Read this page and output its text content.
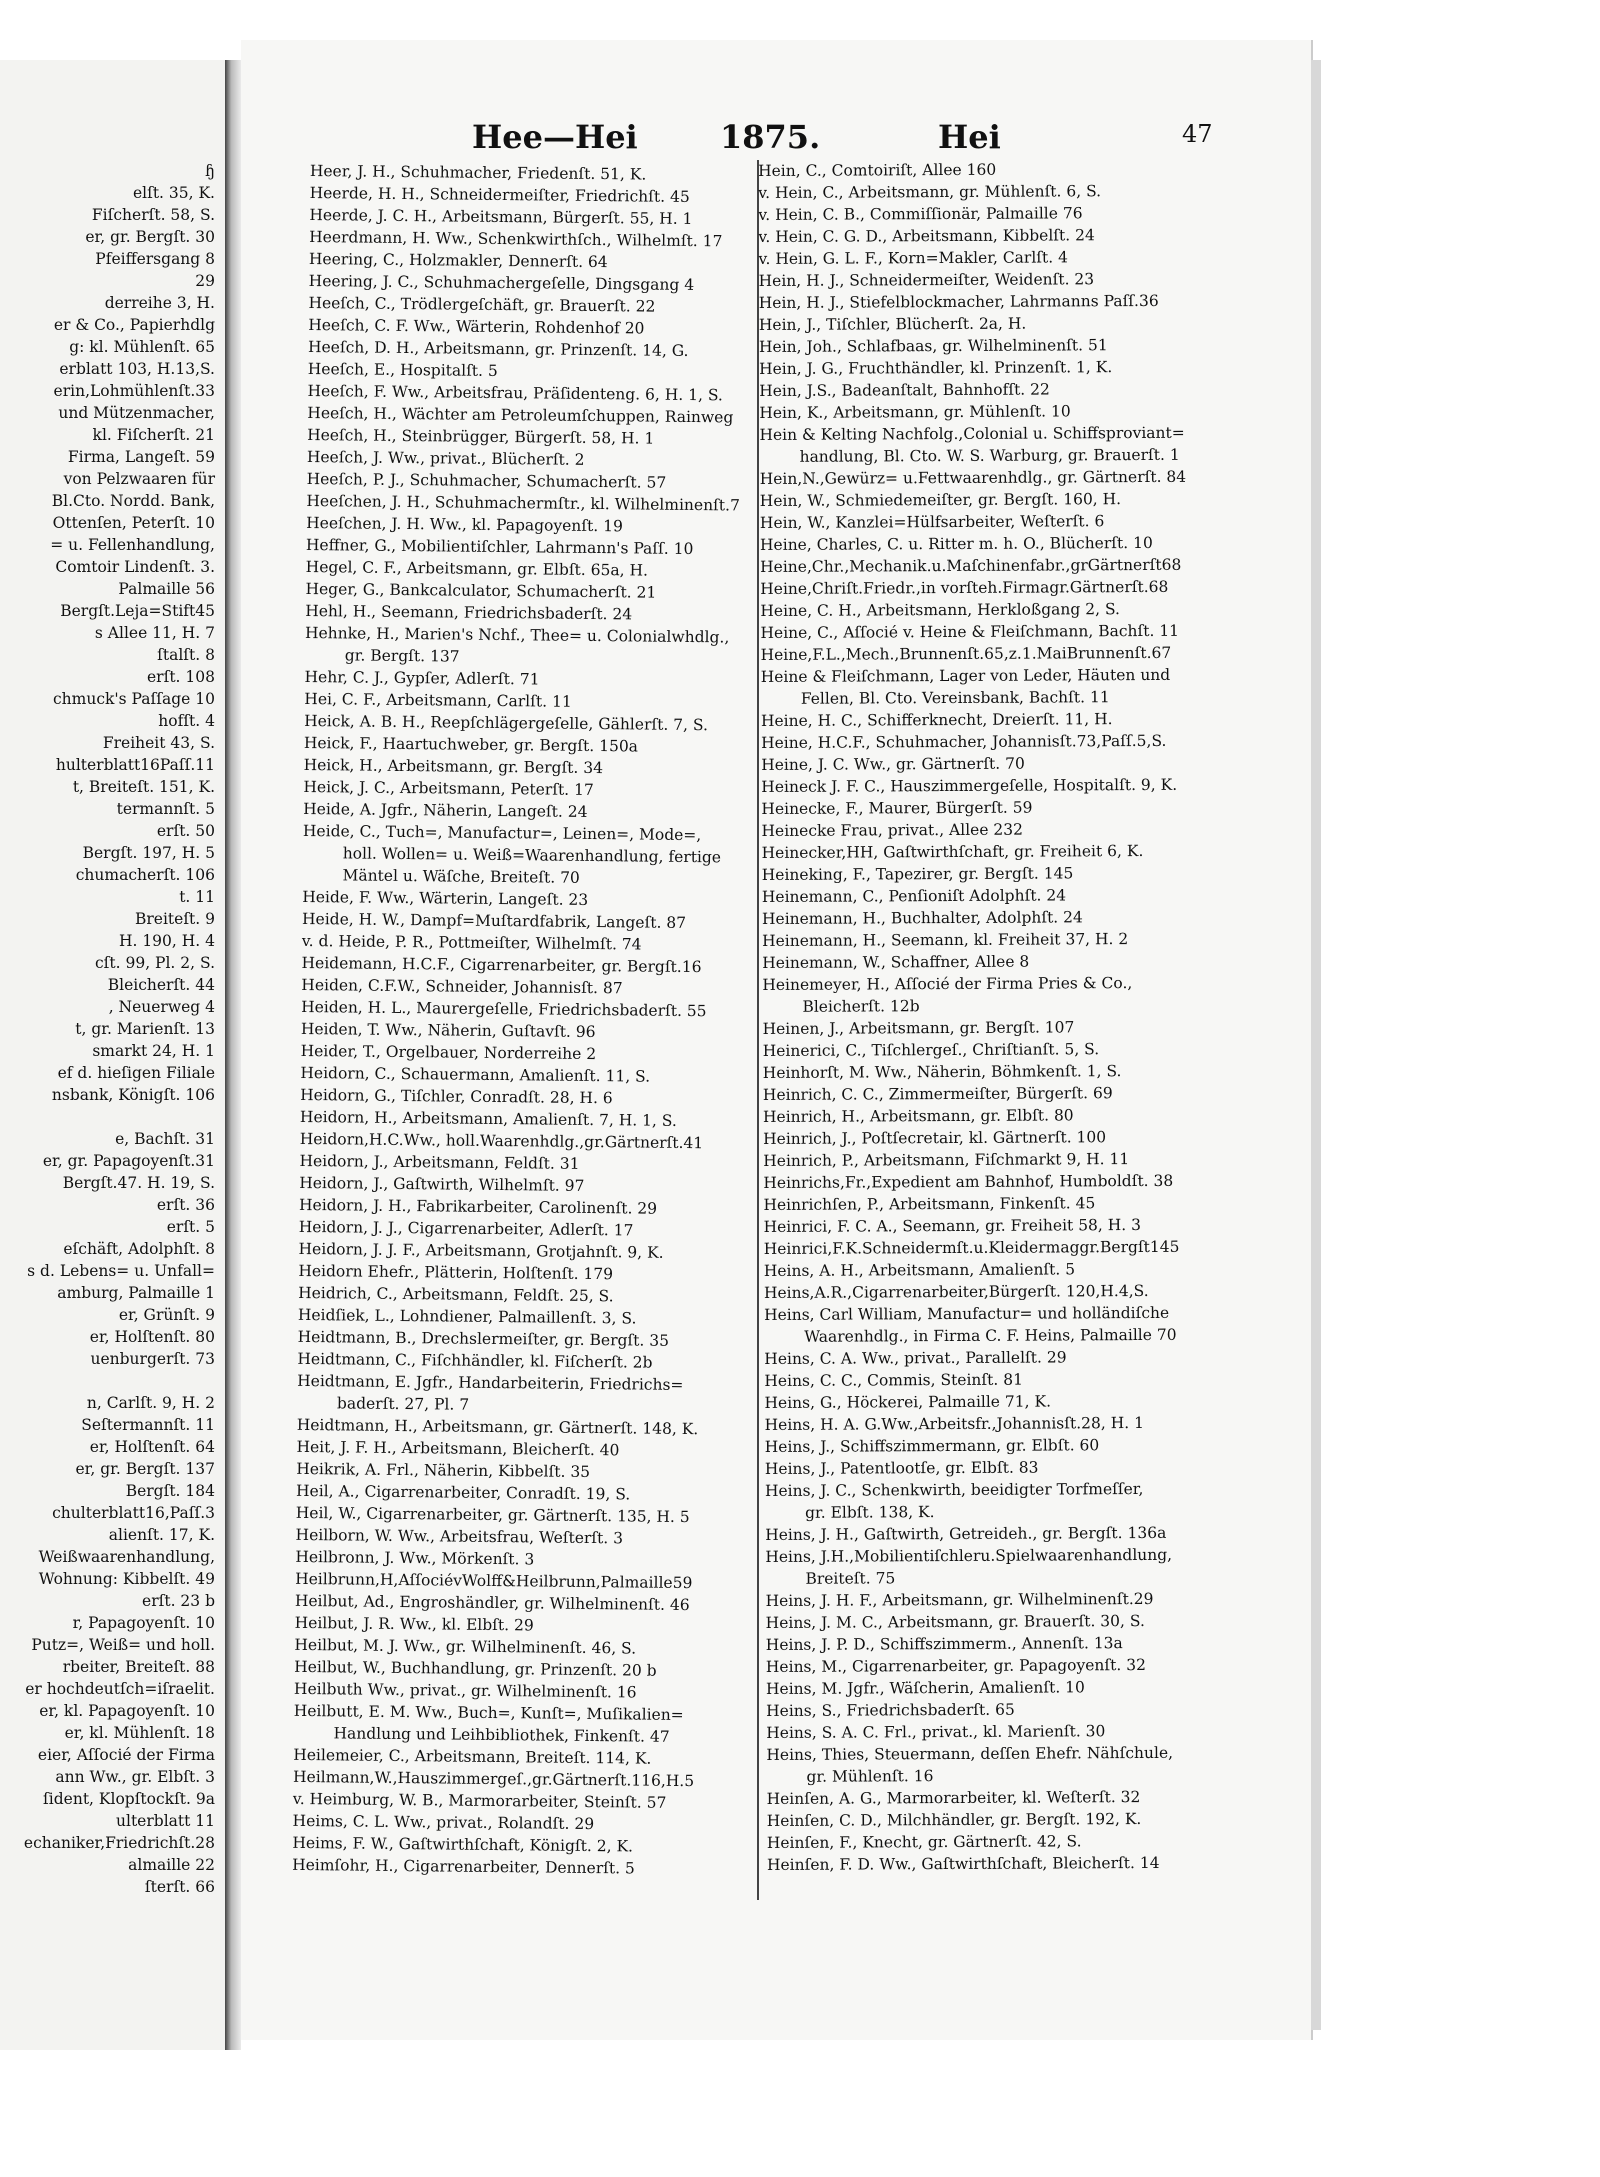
ɧ
elſt. 35, K.
Fiſcherſt. 58, S.
er, gr. Bergſt. 30
Pfeiffersgang 8
29
derreihe 3, H.
er & Co., Papierhdlg
g: kl. Mühlenſt. 65
erblatt 103, H.13,S.
erin,Lohmühlenſt.33
und Mützenmacher,
kl. Fiſcherſt. 21
Firma, Langeſt. 59
von Pelzwaaren für
Bl.Cto. Nordd. Bank,
Ottenſen, Peterſt. 10
= u. Fellenhandlung,
Comtoir Lindenſt. 3.
Palmaille 56
Bergſt.Leja=Stift45
s Allee 11, H. 7
ſtalſt. 8
erſt. 108
chmuck's Paſſage 10
hofſt. 4
Freiheit 43, S.
hulterblatt16Paſſ.11
t, Breiteſt. 151, K.
termannſt. 5
erſt. 50
Bergſt. 197, H. 5
chumacherſt. 106
t. 11
Breiteſt. 9
H. 190, H. 4
cſt. 99, Pl. 2, S.
Bleicherſt. 44
, Neuerweg 4
t, gr. Marienſt. 13
smarkt 24, H. 1
ef d. hieſigen Filiale
nsbank, Königſt. 106
e, Bachſt. 31
er, gr. Papagoyenſt.31
Bergſt.47. H. 19, S.
erſt. 36
erſt. 5
eſchäft, Adolphſt. 8
s d. Lebens= u. Unfall=
amburg, Palmaille 1
er, Grünſt. 9
er, Holſtenſt. 80
uenburgerſt. 73
n, Carlſt. 9, H. 2
Seſtermannſt. 11
er, Holſtenſt. 64
er, gr. Bergſt. 137
Bergſt. 184
chulterblatt16,Paſſ.3
alienſt. 17, K.
Weißwaarenhandlung,
Wohnung: Kibbelſt. 49
erſt. 23 b
r, Papagoyenſt. 10
Putz=, Weiß= und holl.
rbeiter, Breiteſt. 88
er hochdeutſch=iſraelit.
er, kl. Papagoyenſt. 10
er, kl. Mühlenſt. 18
eier, Aſſocié der Firma
ann Ww., gr. Elbſt. 3
ſident, Klopſtockſt. 9a
ulterblatt 11
echaniker,Friedrichſt.28
almaille 22
ſterſt. 66
Hee—Hei	1875.	Hei	47
Heer, J. H., Schuhmacher, Friedenſt. 51, K.
Heerde, H. H., Schneidermeiſter, Friedrichſt. 45
Heerde, J. C. H., Arbeitsmann, Bürgerſt. 55, H. 1
Heerdmann, H. Ww., Schenkwirthſch., Wilhelmſt. 17
Heering, C., Holzmakler, Dennerſt. 64
Heering, J. C., Schuhmachergeſelle, Dingsgang 4
Heeſch, C., Trödlergeſchäft, gr. Brauerſt. 22
Heeſch, C. F. Ww., Wärterin, Rohdenhof 20
Heeſch, D. H., Arbeitsmann, gr. Prinzenſt. 14, G.
Heeſch, E., Hospitalſt. 5
Heeſch, F. Ww., Arbeitsfrau, Präſidenteng. 6, H. 1, S.
Heeſch, H., Wächter am Petroleumſchuppen, Rainweg
Heeſch, H., Steinbrügger, Bürgerſt. 58, H. 1
Heeſch, J. Ww., privat., Blücherſt. 2
Heeſch, P. J., Schuhmacher, Schumacherſt. 57
Heeſchen, J. H., Schuhmachermſtr., kl. Wilhelminenſt.7
Heeſchen, J. H. Ww., kl. Papagoyenſt. 19
Heffner, G., Mobilientiſchler, Lahrmann's Paſſ. 10
Hegel, C. F., Arbeitsmann, gr. Elbſt. 65a, H.
Heger, G., Bankcalculator, Schumacherſt. 21
Hehl, H., Seemann, Friedrichsbaderſt. 24
Hehnke, H., Marien's Nchf., Thee= u. Colonialwhdlg.,
gr. Bergſt. 137
Hehr, C. J., Gypſer, Adlerſt. 71
Hei, C. F., Arbeitsmann, Carlſt. 11
Heick, A. B. H., Reepſchlägergeſelle, Gählerſt. 7, S.
Heick, F., Haartuchweber, gr. Bergſt. 150a
Heick, H., Arbeitsmann, gr. Bergſt. 34
Heick, J. C., Arbeitsmann, Peterſt. 17
Heide, A. Jgfr., Näherin, Langeſt. 24
Heide, C., Tuch=, Manufactur=, Leinen=, Mode=,
holl. Wollen= u. Weiß=Waarenhandlung, fertige
Mäntel u. Wäſche, Breiteſt. 70
Heide, F. Ww., Wärterin, Langeſt. 23
Heide, H. W., Dampf=Muſtardfabrik, Langeſt. 87
v. d. Heide, P. R., Pottmeiſter, Wilhelmſt. 74
Heidemann, H.C.F., Cigarrenarbeiter, gr. Bergſt.16
Heiden, C.F.W., Schneider, Johannisſt. 87
Heiden, H. L., Maurergeſelle, Friedrichsbaderſt. 55
Heiden, T. Ww., Näherin, Guſtavſt. 96
Heider, T., Orgelbauer, Norderreihe 2
Heidorn, C., Schauermann, Amalienſt. 11, S.
Heidorn, G., Tiſchler, Conradſt. 28, H. 6
Heidorn, H., Arbeitsmann, Amalienſt. 7, H. 1, S.
Heidorn,H.C.Ww., holl.Waarenhdlg.,gr.Gärtnerſt.41
Heidorn, J., Arbeitsmann, Feldſt. 31
Heidorn, J., Gaſtwirth, Wilhelmſt. 97
Heidorn, J. H., Fabrikarbeiter, Carolinenſt. 29
Heidorn, J. J., Cigarrenarbeiter, Adlerſt. 17
Heidorn, J. J. F., Arbeitsmann, Grotjahnſt. 9, K.
Heidorn Ehefr., Plätterin, Holſtenſt. 179
Heidrich, C., Arbeitsmann, Feldſt. 25, S.
Heidſiek, L., Lohndiener, Palmaillenſt. 3, S.
Heidtmann, B., Drechslermeiſter, gr. Bergſt. 35
Heidtmann, C., Fiſchhändler, kl. Fiſcherſt. 2b
Heidtmann, E. Jgfr., Handarbeiterin, Friedrichs=
baderſt. 27, Pl. 7
Heidtmann, H., Arbeitsmann, gr. Gärtnerſt. 148, K.
Heit, J. F. H., Arbeitsmann, Bleicherſt. 40
Heikrik, A. Frl., Näherin, Kibbelſt. 35
Heil, A., Cigarrenarbeiter, Conradſt. 19, S.
Heil, W., Cigarrenarbeiter, gr. Gärtnerſt. 135, H. 5
Heilborn, W. Ww., Arbeitsfrau, Weſterſt. 3
Heilbronn, J. Ww., Mörkenſt. 3
Heilbrunn,H,AſſociévWolff&Heilbrunn,Palmaille59
Heilbut, Ad., Engroshändler, gr. Wilhelminenſt. 46
Heilbut, J. R. Ww., kl. Elbſt. 29
Heilbut, M. J. Ww., gr. Wilhelminenſt. 46, S.
Heilbut, W., Buchhandlung, gr. Prinzenſt. 20 b
Heilbuth Ww., privat., gr. Wilhelminenſt. 16
Heilbutt, E. M. Ww., Buch=, Kunſt=, Muſikalien=
Handlung und Leihbibliothek, Finkenſt. 47
Heilemeier, C., Arbeitsmann, Breiteſt. 114, K.
Heilmann,W.,Hauszimmergeſ.,gr.Gärtnerſt.116,H.5
v. Heimburg, W. B., Marmorarbeiter, Steinſt. 57
Heims, C. L. Ww., privat., Rolandſt. 29
Heims, F. W., Gaſtwirthſchaft, Königſt. 2, K.
Heimſohr, H., Cigarrenarbeiter, Dennerſt. 5
Hein, C., Comtoiriſt, Allee 160
v. Hein, C., Arbeitsmann, gr. Mühlenſt. 6, S.
v. Hein, C. B., Commiſſionär, Palmaille 76
v. Hein, C. G. D., Arbeitsmann, Kibbelſt. 24
v. Hein, G. L. F., Korn=Makler, Carlſt. 4
Hein, H. J., Schneidermeiſter, Weidenſt. 23
Hein, H. J., Stiefelblockmacher, Lahrmanns Paſſ.36
Hein, J., Tiſchler, Blücherſt. 2a, H.
Hein, Joh., Schlafbaas, gr. Wilhelminenſt. 51
Hein, J. G., Fruchthändler, kl. Prinzenſt. 1, K.
Hein, J.S., Badeanſtalt, Bahnhofſt. 22
Hein, K., Arbeitsmann, gr. Mühlenſt. 10
Hein & Kelting Nachfolg.,Colonial u. Schiffsproviant=
handlung, Bl. Cto. W. S. Warburg, gr. Brauerſt. 1
Hein,N.,Gewürz= u.Fettwaarenhdlg., gr. Gärtnerſt. 84
Hein, W., Schmiedemeiſter, gr. Bergſt. 160, H.
Hein, W., Kanzlei=Hülfsarbeiter, Weſterſt. 6
Heine, Charles, C. u. Ritter m. h. O., Blücherſt. 10
Heine,Chr.,Mechanik.u.Maſchinenfabr.,grGärtnerſt68
Heine,Chriſt.Friedr.,in vorſteh.Firmagr.Gärtnerſt.68
Heine, C. H., Arbeitsmann, Herkloßgang 2, S.
Heine, C., Aſſocié v. Heine & Fleiſchmann, Bachſt. 11
Heine,F.L.,Mech.,Brunnenſt.65,z.1.MaiBrunnenſt.67
Heine & Fleiſchmann, Lager von Leder, Häuten und
Fellen, Bl. Cto. Vereinsbank, Bachſt. 11
Heine, H. C., Schifferknecht, Dreierſt. 11, H.
Heine, H.C.F., Schuhmacher, Johannisſt.73,Paſſ.5,S.
Heine, J. C. Ww., gr. Gärtnerſt. 70
Heineck J. F. C., Hauszimmergeſelle, Hospitalſt. 9, K.
Heinecke, F., Maurer, Bürgerſt. 59
Heinecke Frau, privat., Allee 232
Heinecker,HH, Gaſtwirthſchaft, gr. Freiheit 6, K.
Heineking, F., Tapezirer, gr. Bergſt. 145
Heinemann, C., Penſioniſt Adolphſt. 24
Heinemann, H., Buchhalter, Adolphſt. 24
Heinemann, H., Seemann, kl. Freiheit 37, H. 2
Heinemann, W., Schaffner, Allee 8
Heinemeyer, H., Aſſocié der Firma Pries & Co.,
Bleicherſt. 12b
Heinen, J., Arbeitsmann, gr. Bergſt. 107
Heinerici, C., Tiſchlergeſ., Chriſtianſt. 5, S.
Heinhorſt, M. Ww., Näherin, Böhmkenſt. 1, S.
Heinrich, C. C., Zimmermeiſter, Bürgerſt. 69
Heinrich, H., Arbeitsmann, gr. Elbſt. 80
Heinrich, J., Poſtſecretair, kl. Gärtnerſt. 100
Heinrich, P., Arbeitsmann, Fiſchmarkt 9, H. 11
Heinrichs,Fr.,Expedient am Bahnhof, Humboldſt. 38
Heinrichſen, P., Arbeitsmann, Finkenſt. 45
Heinrici, F. C. A., Seemann, gr. Freiheit 58, H. 3
Heinrici,F.K.Schneidermſt.u.Kleidermaggr.Bergſt145
Heins, A. H., Arbeitsmann, Amalienſt. 5
Heins,A.R.,Cigarrenarbeiter,Bürgerſt. 120,H.4,S.
Heins, Carl William, Manufactur= und holländiſche
Waarenhdlg., in Firma C. F. Heins, Palmaille 70
Heins, C. A. Ww., privat., Parallelſt. 29
Heins, C. C., Commis, Steinſt. 81
Heins, G., Höckerei, Palmaille 71, K.
Heins, H. A. G.Ww.,Arbeitsfr.,Johannisſt.28, H. 1
Heins, J., Schiffszimmermann, gr. Elbſt. 60
Heins, J., Patentlootſe, gr. Elbſt. 83
Heins, J. C., Schenkwirth, beeidigter Torfmeſſer,
gr. Elbſt. 138, K.
Heins, J. H., Gaſtwirth, Getreideh., gr. Bergſt. 136a
Heins, J.H.,Mobilientiſchleru.Spielwaarenhandlung,
Breiteſt. 75
Heins, J. H. F., Arbeitsmann, gr. Wilhelminenſt.29
Heins, J. M. C., Arbeitsmann, gr. Brauerſt. 30, S.
Heins, J. P. D., Schiffszimmerm., Annenſt. 13a
Heins, M., Cigarrenarbeiter, gr. Papagoyenſt. 32
Heins, M. Jgfr., Wäſcherin, Amalienſt. 10
Heins, S., Friedrichsbaderſt. 65
Heins, S. A. C. Frl., privat., kl. Marienſt. 30
Heins, Thies, Steuermann, deſſen Ehefr. Nähſchule,
gr. Mühlenſt. 16
Heinſen, A. G., Marmorarbeiter, kl. Weſterſt. 32
Heinſen, C. D., Milchhändler, gr. Bergſt. 192, K.
Heinſen, F., Knecht, gr. Gärtnerſt. 42, S.
Heinſen, F. D. Ww., Gaſtwirthſchaft, Bleicherſt. 14
